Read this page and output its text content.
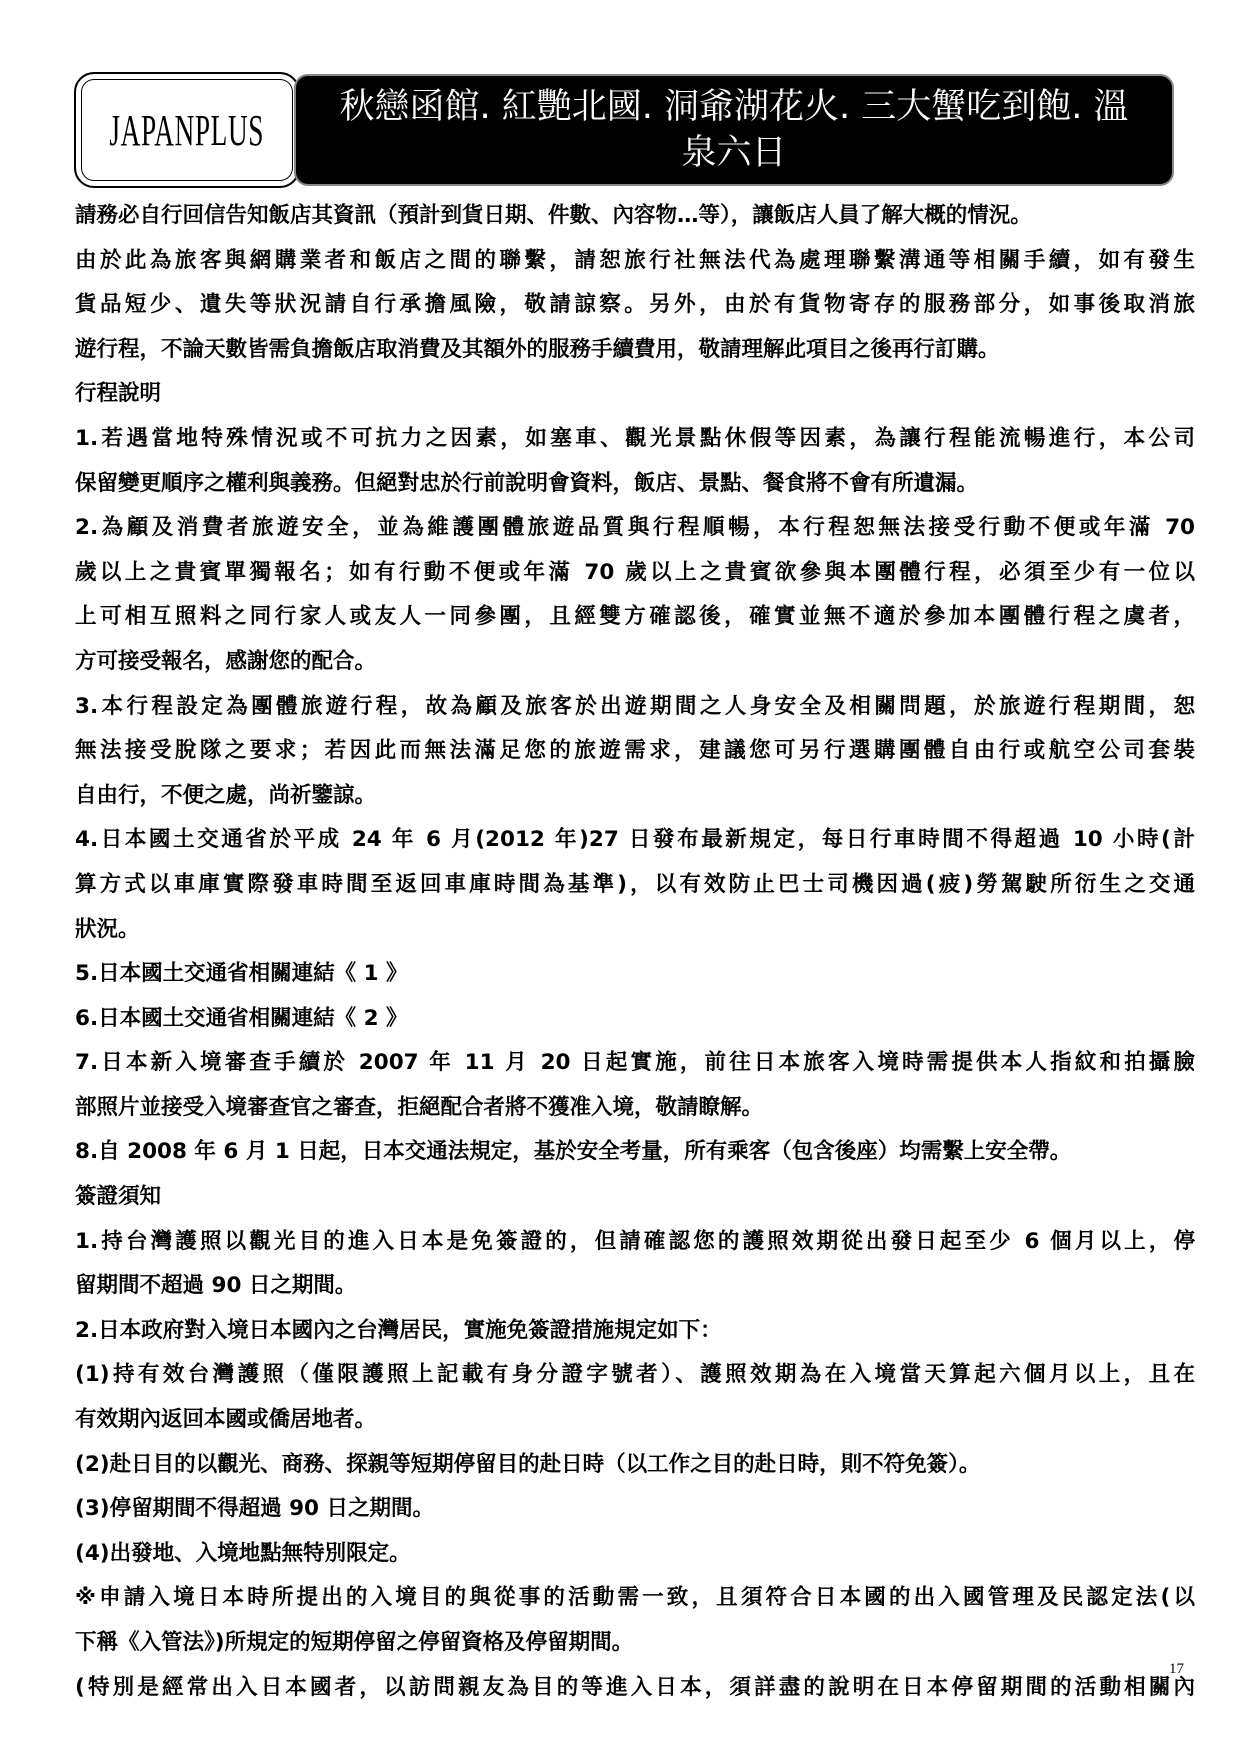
JAPANPLUS	秋戀函館. 紅艷北國. 洞爺湖花火. 三大蟹吃到飽. 溫泉六日
請務必自行回信告知飯店其資訊（預計到貨日期、件數、內容物…等），讓飯店人員了解大概的情況。
由於此為旅客與網購業者和飯店之間的聯繫，請恕旅行社無法代為處理聯繫溝通等相關手續，如有發生
貨品短少、遺失等狀況請自行承擔風險，敬請諒察。另外，由於有貨物寄存的服務部分，如事後取消旅
遊行程，不論天數皆需負擔飯店取消費及其額外的服務手續費用，敬請理解此項目之後再行訂購。
行程說明
1.若遇當地特殊情況或不可抗力之因素，如塞車、觀光景點休假等因素，為讓行程能流暢進行，本公司
保留變更順序之權利與義務。但絕對忠於行前說明會資料，飯店、景點、餐食將不會有所遺漏。
2.為顧及消費者旅遊安全，並為維護團體旅遊品質與行程順暢，本行程恕無法接受行動不便或年滿 70
歲以上之貴賓單獨報名；如有行動不便或年滿 70 歲以上之貴賓欲參與本團體行程，必須至少有一位以
上可相互照料之同行家人或友人一同參團，且經雙方確認後，確實並無不適於參加本團體行程之虞者，
方可接受報名，感謝您的配合。
3.本行程設定為團體旅遊行程，故為顧及旅客於出遊期間之人身安全及相關問題，於旅遊行程期間，恕
無法接受脫隊之要求；若因此而無法滿足您的旅遊需求，建議您可另行選購團體自由行或航空公司套裝
自由行，不便之處，尚祈鑒諒。
4.日本國土交通省於平成 24 年 6 月(2012 年)27 日發布最新規定，每日行車時間不得超過 10 小時(計
算方式以車庫實際發車時間至返回車庫時間為基準)，以有效防止巴士司機因過(疲)勞駕駛所衍生之交通
狀況。
5.日本國土交通省相關連結《 1 》
6.日本國土交通省相關連結《 2 》
7.日本新入境審查手續於 2007 年 11 月 20 日起實施，前往日本旅客入境時需提供本人指紋和拍攝臉
部照片並接受入境審查官之審查，拒絕配合者將不獲准入境，敬請瞭解。
8.自 2008 年 6 月 1 日起，日本交通法規定，基於安全考量，所有乘客（包含後座）均需繫上安全帶。
簽證須知
1.持台灣護照以觀光目的進入日本是免簽證的，但請確認您的護照效期從出發日起至少 6 個月以上，停
留期間不超過 90 日之期間。
2.日本政府對入境日本國內之台灣居民，實施免簽證措施規定如下：
(1)持有效台灣護照（僅限護照上記載有身分證字號者）、護照效期為在入境當天算起六個月以上，且在
有效期內返回本國或僑居地者。
(2)赴日目的以觀光、商務、探親等短期停留目的赴日時（以工作之目的赴日時，則不符免簽）。
(3)停留期間不得超過 90 日之期間。
(4)出發地、入境地點無特別限定。
※申請入境日本時所提出的入境目的與從事的活動需一致，且須符合日本國的出入國管理及民認定法(以
下稱《入管法》)所規定的短期停留之停留資格及停留期間。
(特別是經常出入日本國者，以訪問親友為目的等進入日本，須詳盡的說明在日本停留期間的活動相關內
17
